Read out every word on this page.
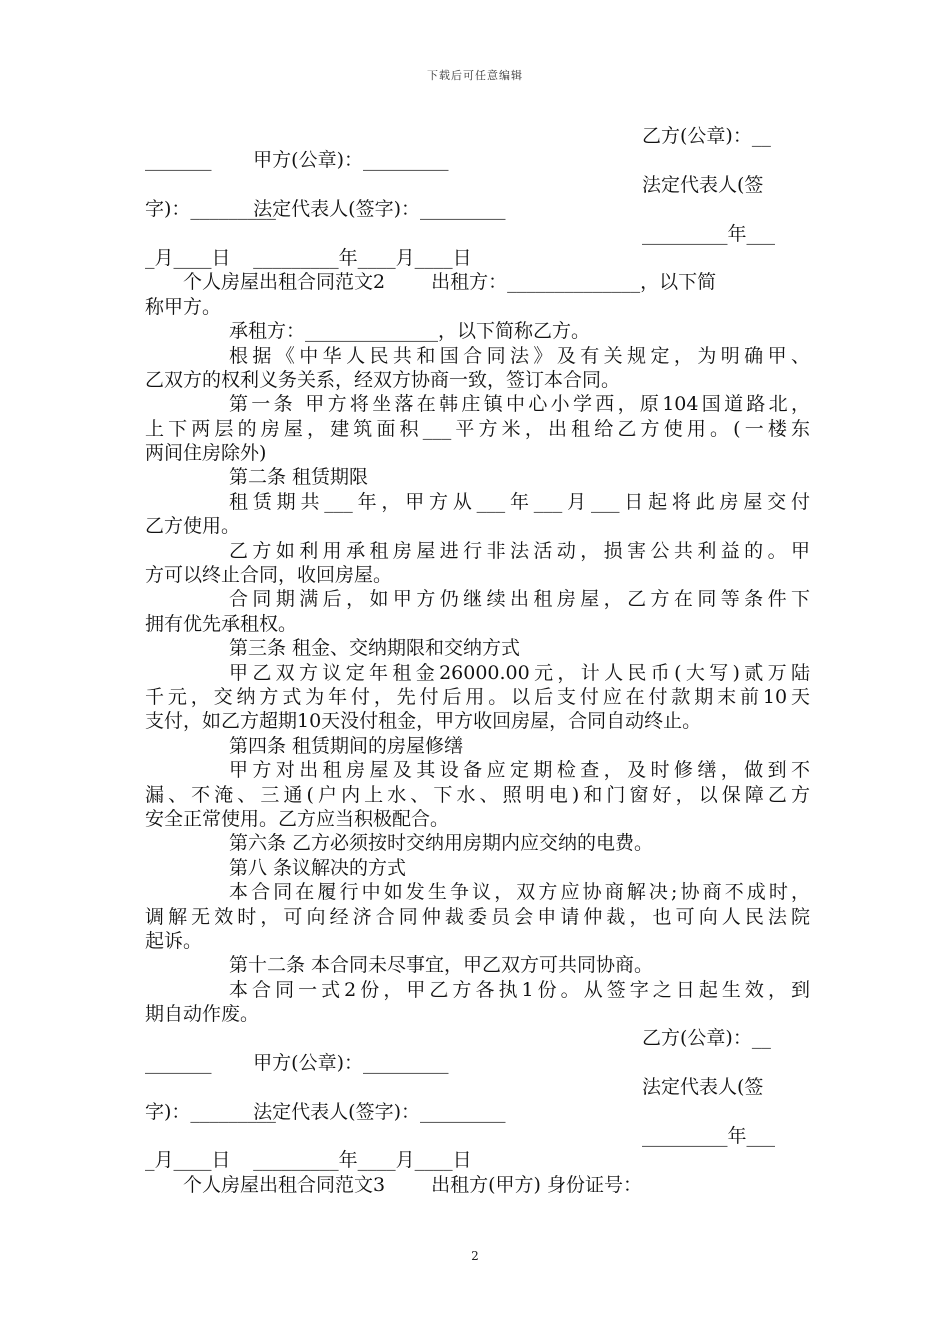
下载后可任意编辑

甲方(公章)：_________

乙方(公章)：__

_______

法定代表人(签字)：_________

法定代表人(签

字)：_________

_________年____月____日

_________年___

_月____日
个人房屋出租合同范文2 出租方：______________，以下简
称甲方。
承租方：______________，以下简称乙方。
根据《中华人民共和国合同法》及有关规定，为明确甲、
乙双方的权利义务关系，经双方协商一致，签订本合同。
第一条 甲方将坐落在韩庄镇中心小学西，原104国道路北，
上下两层的房屋，建筑面积___平方米，出租给乙方使用。(一楼东
两间住房除外)
第二条 租赁期限
租赁期共___年，甲方从___年___月___日起将此房屋交付
乙方使用。
乙方如利用承租房屋进行非法活动，损害公共利益的。甲
方可以终止合同，收回房屋。
合同期满后，如甲方仍继续出租房屋，乙方在同等条件下
拥有优先承租权。
第三条 租金、交纳期限和交纳方式
甲乙双方议定年租金26000.00元，计人民币(大写)贰万陆
千元，交纳方式为年付，先付后用。以后支付应在付款期末前10天
支付，如乙方超期10天没付租金，甲方收回房屋，合同自动终止。
第四条 租赁期间的房屋修缮
甲方对出租房屋及其设备应定期检查，及时修缮，做到不
漏、不淹、三通(户内上水、下水、照明电)和门窗好，以保障乙方
安全正常使用。乙方应当积极配合。
第六条 乙方必须按时交纳用房期内应交纳的电费。
第八 条议解决的方式
本合同在履行中如发生争议，双方应协商解决;协商不成时，
调解无效时，可向经济合同仲裁委员会申请仲裁，也可向人民法院
起诉。
第十二条 本合同未尽事宜，甲乙双方可共同协商。
本合同一式2份，甲乙方各执1份。从签字之日起生效，到
期自动作废。

甲方(公章)：_________

乙方(公章)：__

_______

法定代表人(签字)：_________

法定代表人(签

字)：_________

_________年____月____日

_________年___

_月____日
个人房屋出租合同范文3 出租方(甲方) 身份证号：
2
